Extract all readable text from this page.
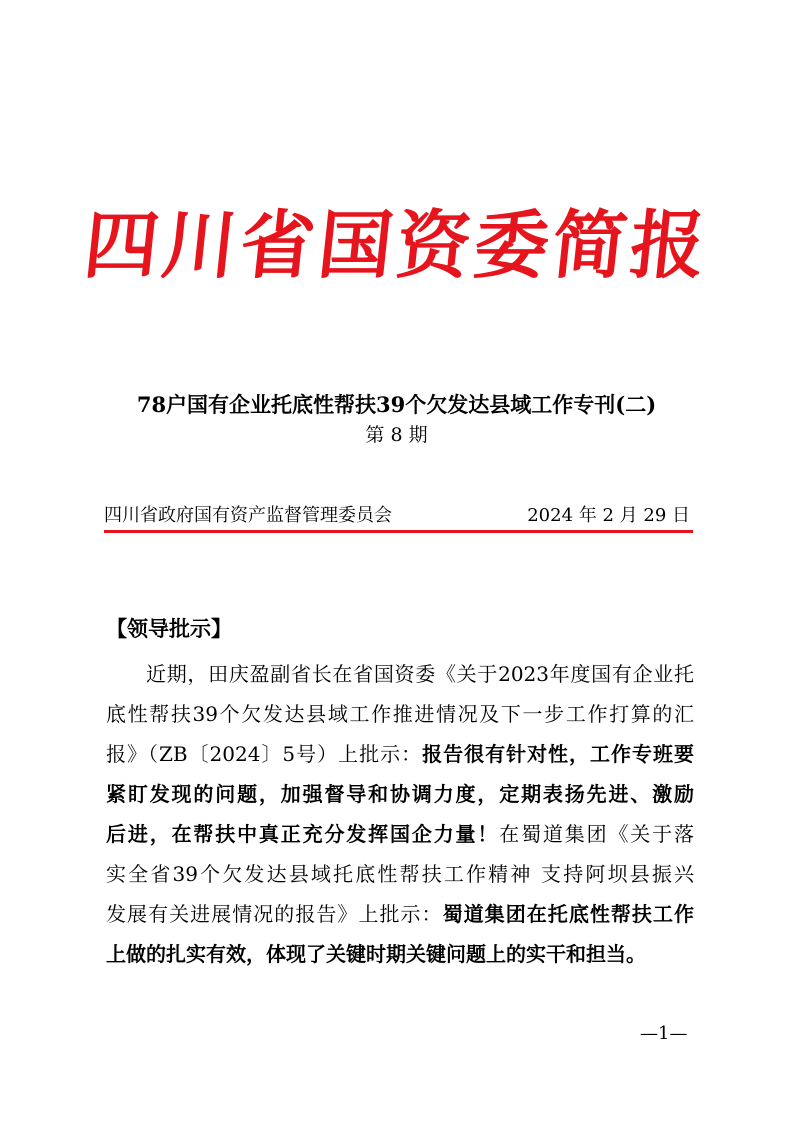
四川省国资委简报
78户国有企业托底性帮扶39个欠发达县域工作专刊(二)
第 8 期
四川省政府国有资产监督管理委员会	2024 年 2 月 29 日
【领导批示】
近期，田庆盈副省长在省国资委《关于2023年度国有企业托
底性帮扶39个欠发达县域工作推进情况及下一步工作打算的汇
报》（ZB〔2024〕5号）上批示：报告很有针对性，工作专班要
紧盯发现的问题，加强督导和协调力度，定期表扬先进、激励
后进，在帮扶中真正充分发挥国企力量！在蜀道集团《关于落
实全省39个欠发达县域托底性帮扶工作精神 支持阿坝县振兴
发展有关进展情况的报告》上批示：蜀道集团在托底性帮扶工作
上做的扎实有效，体现了关键时期关键问题上的实干和担当。
—1—
